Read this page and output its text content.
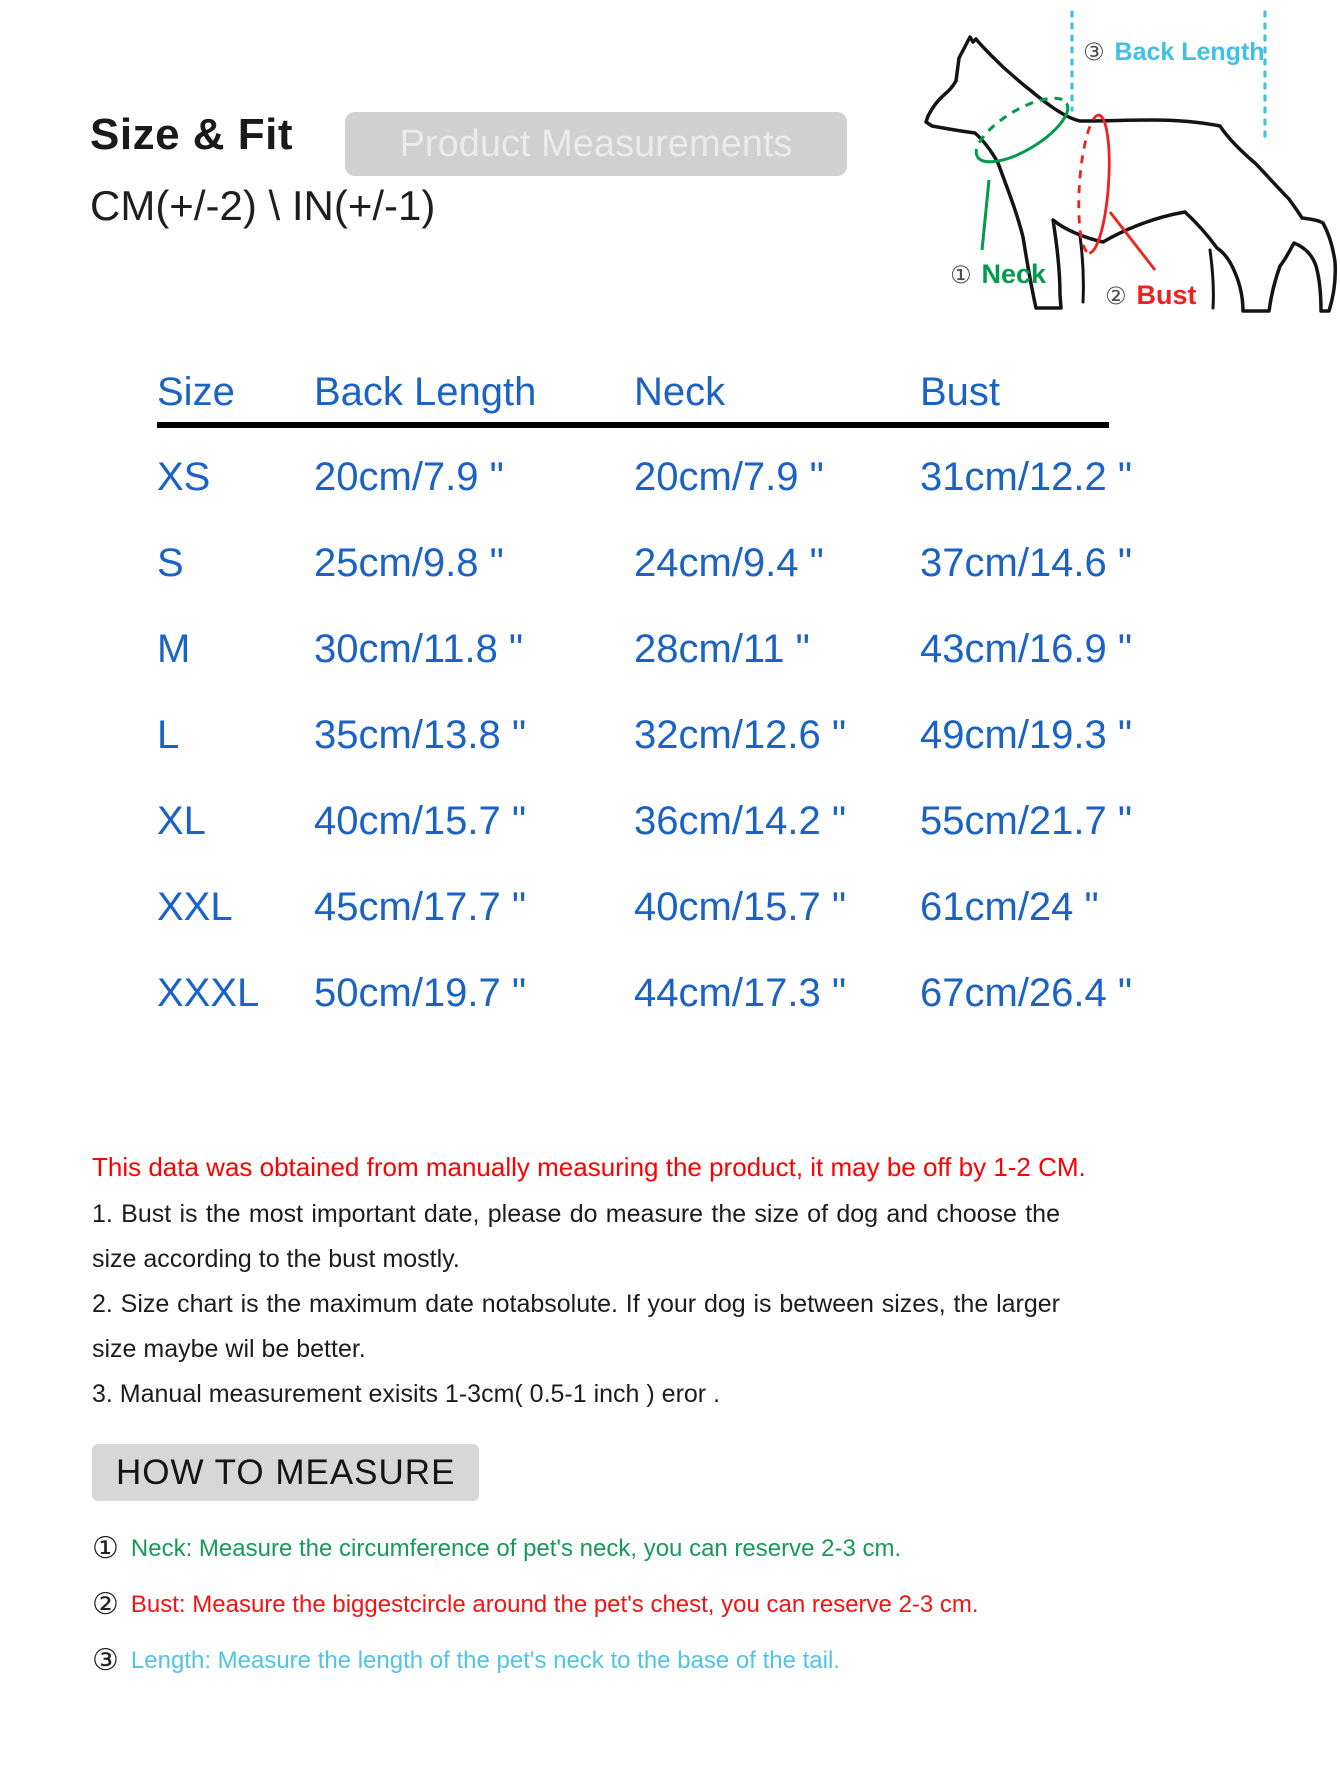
Size & Fit	Product Measurements
CM(+/-2) \ IN(+/-1)
③ Back Length
① Neck
② Bust
Size	Back Length	Neck	Bust
XS	20cm/7.9 "	20cm/7.9 "	31cm/12.2 "
S	25cm/9.8 "	24cm/9.4 "	37cm/14.6 "
M	30cm/11.8 "	28cm/11 "	43cm/16.9 "
L	35cm/13.8 "	32cm/12.6 "	49cm/19.3 "
XL	40cm/15.7 "	36cm/14.2 "	55cm/21.7 "
XXL	45cm/17.7 "	40cm/15.7 "	61cm/24 "
XXXL	50cm/19.7 "	44cm/17.3 "	67cm/26.4 "
This data was obtained from manually measuring the product, it may be off by 1-2 CM.

1. Bust is the most important date, please do measure the size of dog and choose the size according to the bust mostly.

2. Size chart is the maximum date notabsolute. If your dog is between sizes, the larger size maybe wil be better.

3. Manual measurement exisits 1-3cm( 0.5-1 inch ) eror .

HOW TO MEASURE
① Neck: Measure the circumference of pet's neck, you can reserve 2-3 cm.
② Bust: Measure the biggestcircle around the pet's chest, you can reserve 2-3 cm.
③ Length: Measure the length of the pet's neck to the base of the tail.
